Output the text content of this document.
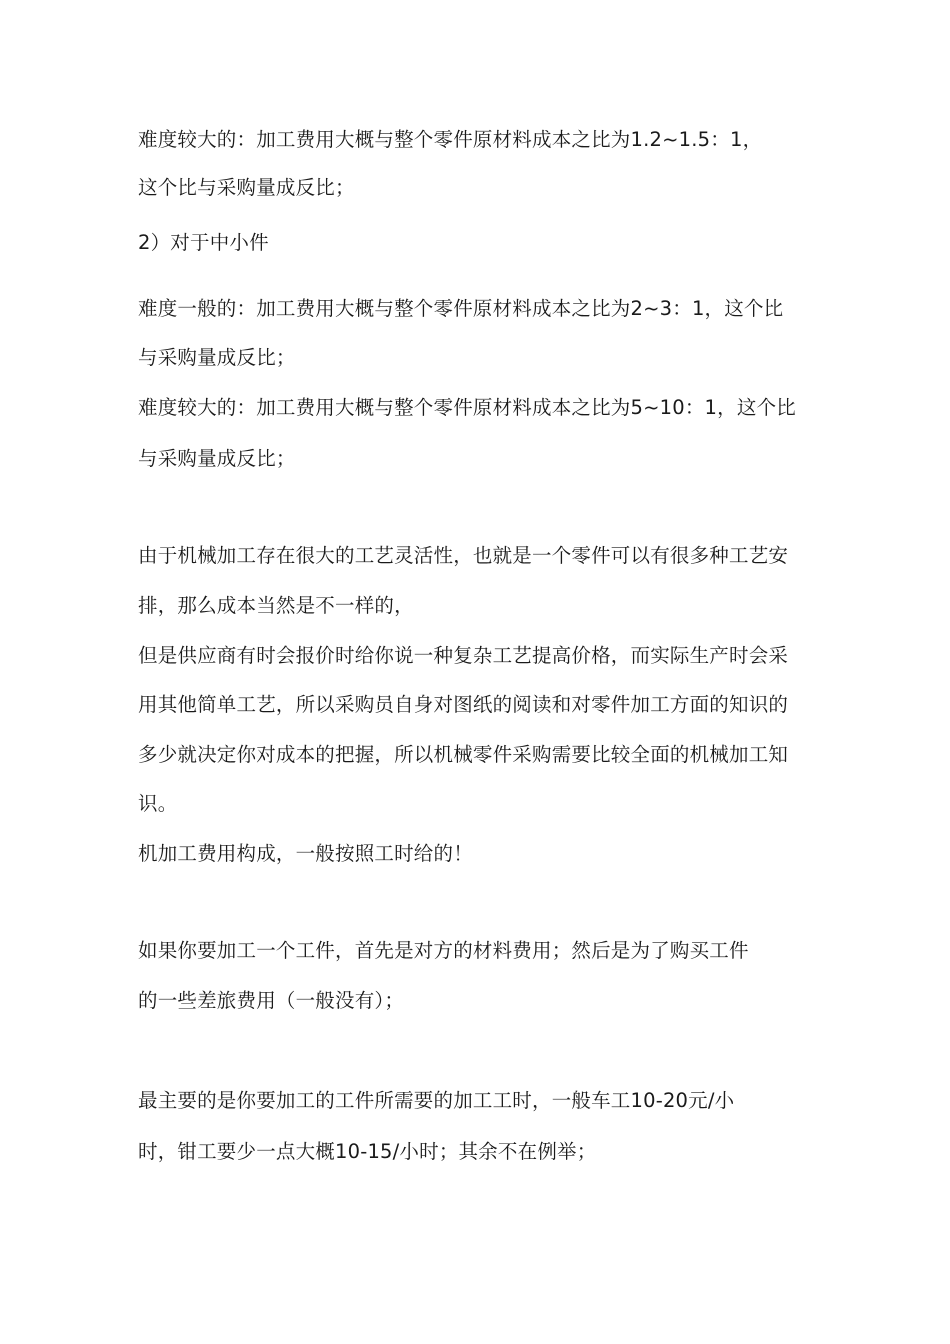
难度较大的：加工费用大概与整个零件原材料成本之比为1.2~1.5：1，
这个比与采购量成反比；
2）对于中小件
难度一般的：加工费用大概与整个零件原材料成本之比为2~3：1，这个比
与采购量成反比；
难度较大的：加工费用大概与整个零件原材料成本之比为5~10：1，这个比
与采购量成反比；
由于机械加工存在很大的工艺灵活性，也就是一个零件可以有很多种工艺安
排，那么成本当然是不一样的，
但是供应商有时会报价时给你说一种复杂工艺提高价格，而实际生产时会采
用其他简单工艺，所以采购员自身对图纸的阅读和对零件加工方面的知识的
多少就决定你对成本的把握，所以机械零件采购需要比较全面的机械加工知
识。
机加工费用构成，一般按照工时给的！
如果你要加工一个工件，首先是对方的材料费用；然后是为了购买工件
的一些差旅费用（一般没有）；
最主要的是你要加工的工件所需要的加工工时，一般车工10-20元/小
时，钳工要少一点大概10-15/小时；其余不在例举；
